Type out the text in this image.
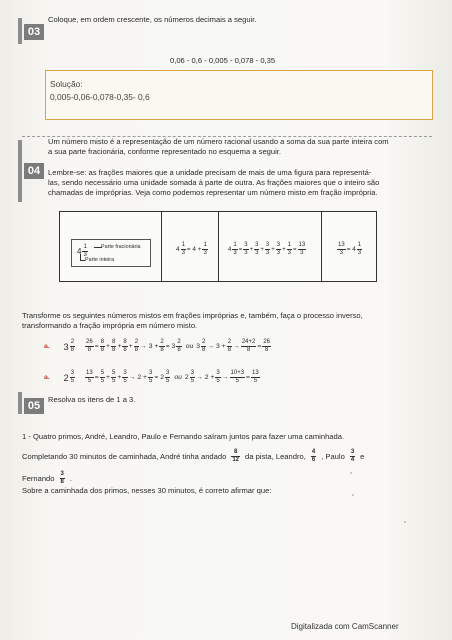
03
Coloque, em ordem crescente, os números decimais a seguir.
0,06 - 0,6 - 0,005 - 0,078 - 0,35
Solução:
0,005-0,06-0,078-0,35- 0,6
04
Um número misto é a representação de um número racional usando a soma da sua parte inteira com
a sua parte fracionária, conforme representado no esquema a seguir.
Lembre-se: as frações maiores que a unidade precisam de mais de uma figura para representá-
las, sendo necessário uma unidade somada à parte de outra. As frações maiores que o inteiro são
chamadas de impróprias. Veja como podemos representar um número misto em fração imprópria.
$4 \frac{1}{3}$ Parte fracionária
Parte inteira
$4 \frac{1}{3} = 4 + \frac{1}{3}$	$4 \frac{1}{3} = \frac{3}{3} + \frac{3}{3} + \frac{3}{3} + \frac{3}{3} + \frac{1}{3} = \frac{13}{3}$	$\frac{13}{3} = 4 \frac{1}{3}$
Transforme os seguintes números mistos em frações impróprias e, também, faça o processo inverso,
transformando a fração imprópria em número misto.
a. $3 \frac{2}{8} \frac{26}{8} = \frac{8}{8} + \frac{8}{8} + \frac{8}{8} + \frac{2}{8} \to 3 + \frac{2}{8} = 3 \frac{2}{8}$ ou $3 \frac{2}{8} \to 3 + \frac{2}{8} \to \frac{24+2}{8} = \frac{26}{8}$
a. $2 \frac{3}{5} \frac{13}{5} = \frac{5}{5} + \frac{5}{5} + \frac{3}{5} \to 2 + \frac{3}{5} = 2 \frac{3}{5}$ ou $2 \frac{3}{5} \to 2 + \frac{3}{5} \to \frac{10+3}{5} = \frac{13}{5}$
05
Resolva os itens de 1 a 3.
1 - Quatro primos, André, Leandro, Paulo e Fernando saíram juntos para fazer uma caminhada.
Completando 30 minutos de caminhada, André tinha andado $\frac{8}{12}$ da pista, Leandro, $\frac{4}{6}$ , Paulo $\frac{3}{4}$ e
Fernando $\frac{3}{8}$ .
Sobre a caminhada dos primos, nesses 30 minutos, é correto afirmar que:
Digitalizada com CamScanner
